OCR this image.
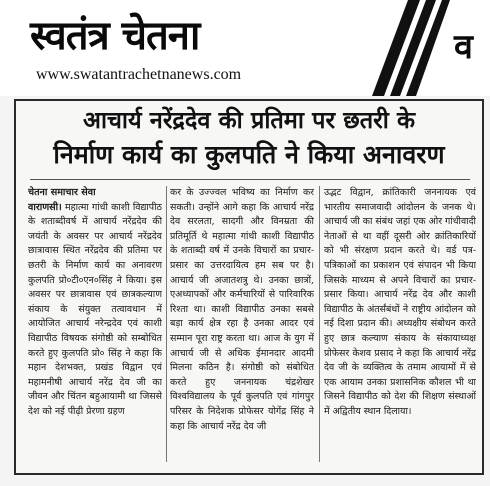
स्वतंत्र चेतना
www.swatantrachetnanews.com
व
आचार्य नरेंद्रदेव की प्रतिमा पर छतरी के
निर्माण कार्य का कुलपति ने किया अनावरण
चेतना समाचार सेवा
वाराणसी। महात्मा गांधी काशी विद्यापीठ के शताब्दीवर्ष में आचार्य नरेंद्रदेव की जयंती के अवसर पर आचार्य नरेंद्रदेव छात्रावास स्थित नरेंद्रदेव की प्रतिमा पर छतरी के निर्माण कार्य का अनावरण कुलपति प्रो०टी०एन०सिंह ने किया। इस अवसर पर छात्रावास एवं छात्रकल्याण संकाय के संयुक्त तत्वावधान में आयोजित आचार्य नरेन्द्रदेव एवं काशी विद्यापीठ विषयक संगोष्ठी को सम्बोधित करते हुए कुलपति प्रो० सिंह ने कहा कि महान देशभक्त, प्रखंड विद्वान एवं महामनीषी आचार्य नरेंद्र देव जी का जीवन और चिंतन बहुआयामी था जिससे देश को नई पीढ़ी प्रेरणा ग्रहण
कर के उज्ज्वल भविष्य का निर्माण कर सकती। उन्होंने आगे कहा कि आचार्य नरेंद्र देव सरलता, सादगी और विनम्रता की प्रतिमूर्ति थे महात्मा गांधी काशी विद्यापीठ के शताब्दी वर्ष में उनके विचारों का प्रचार-प्रसार का उत्तरदायित्व हम सब पर है। आचार्य जी अजातशत्रु थे। उनका छात्रों, एअध्यापकों और कर्मचारियों से पारिवारिक रिश्ता था। काशी विद्यापीठ उनका सबसे बड़ा कार्य क्षेत्र रहा है उनका आदर एवं सम्मान पूरा राष्ट्र करता था। आज के युग में आचार्य जी से अधिक ईमानदार आदमी मिलना कठिन है। संगोष्ठी को संबोधित करते हुए जननायक चंद्रशेखर विश्वविद्यालय के पूर्व कुलपति एवं गांगपुर परिसर के निदेशक प्रोफेसर योगेंद्र सिंह ने कहा कि आचार्य नरेंद्र देव जी
उद्भट विद्वान, क्रांतिकारी जननायक एवं भारतीय समाजवादी आंदोलन के जनक थे। आचार्य जी का संबंध जहां एक ओर गांधीवादी नेताओं से था वहीं दूसरी ओर क्रांतिकारियों को भी संरक्षण प्रदान करते थे। वर्ड पत्र-पत्रिकाओं का प्रकाशन एवं संपादन भी किया जिसके माध्यम से अपने विचारों का प्रचार-प्रसार किया। आचार्य नरेंद्र देव और काशी विद्यापीठ के अंतर्संबंधों ने राष्ट्रीय आंदोलन को नई दिशा प्रदान की। अध्यक्षीय संबोधन करते हुए छात्र कल्याण संकाय के संकायाध्यक्ष प्रोफेसर केशव प्रसाद ने कहा कि आचार्य नरेंद्र देव जी के व्यक्तित्व के तमाम आयामों में से एक आयाम उनका प्रशासनिक कौशल भी था जिसने विद्यापीठ को देश की शिक्षण संस्थाओं में अद्वितीय स्थान दिलाया।
